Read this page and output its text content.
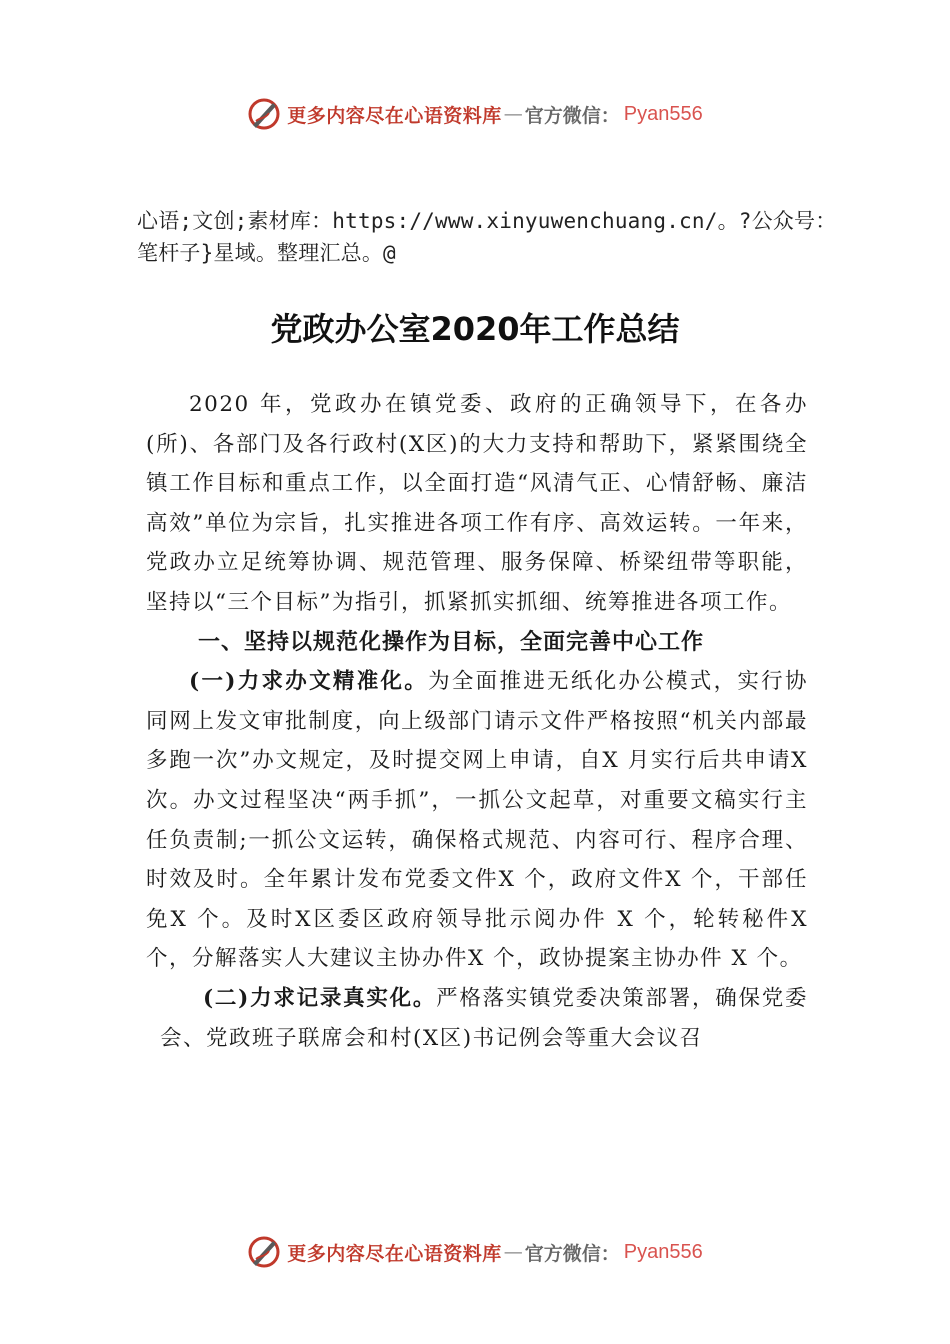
更多内容尽在心语资料库 — 官方微信： Pyan556
心语;文创;素材库：https://www.xinyuwenchuang.cn/。?公众号：笔杆子}星域。整理汇总。@
党政办公室2020年工作总结

2020 年，党政办在镇党委、政府的正确领导下，在各办(所)、各部门及各行政村(X区)的大力支持和帮助下，紧紧围绕全镇工作目标和重点工作，以全面打造“风清气正、心情舒畅、廉洁高效”单位为宗旨，扎实推进各项工作有序、高效运转。一年来，党政办立足统筹协调、规范管理、服务保障、桥梁纽带等职能，坚持以“三个目标”为指引，抓紧抓实抓细、统筹推进各项工作。

一、坚持以规范化操作为目标，全面完善中心工作

(一)力求办文精准化。为全面推进无纸化办公模式，实行协同网上发文审批制度，向上级部门请示文件严格按照“机关内部最多跑一次”办文规定，及时提交网上申请，自X 月实行后共申请X 次。办文过程坚决“两手抓”，一抓公文起草，对重要文稿实行主任负责制;一抓公文运转，确保格式规范、内容可行、程序合理、时效及时。全年累计发布党委文件X 个，政府文件X 个，干部任免X 个。及时X区委区政府领导批示阅办件 X 个，轮转秘件X 个，分解落实人大建议主协办件X 个，政协提案主协办件 X 个。

(二)力求记录真实化。严格落实镇党委决策部署，确保党委会、党政班子联席会和村(X区)书记例会等重大会议召

更多内容尽在心语资料库 — 官方微信： Pyan556
